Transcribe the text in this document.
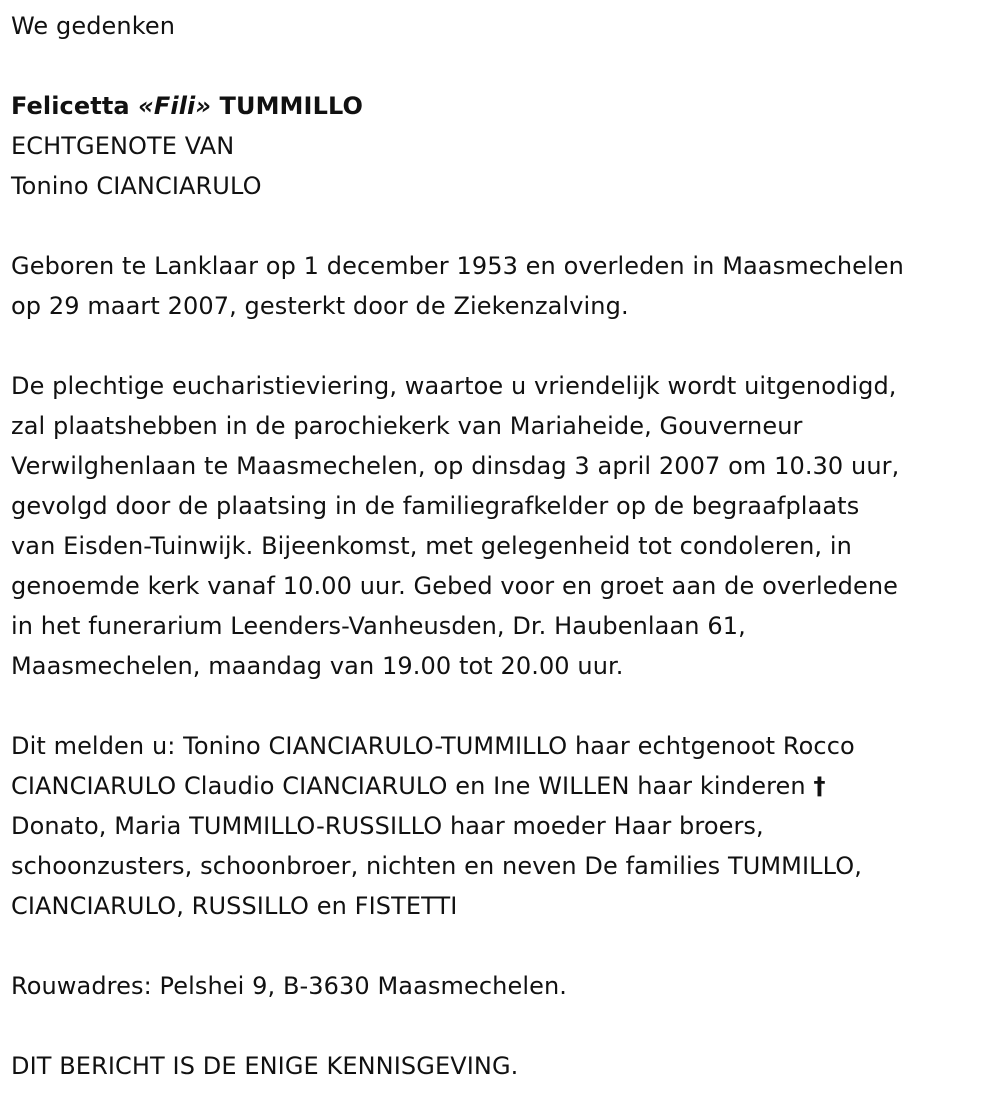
We gedenken
Felicetta «Fili» TUMMILLO
ECHTGENOTE VAN
Tonino CIANCIARULO
Geboren te Lanklaar op 1 december 1953 en overleden in Maasmechelen
op 29 maart 2007, gesterkt door de Ziekenzalving.
De plechtige eucharistieviering, waartoe u vriendelijk wordt uitgenodigd,
zal plaatshebben in de parochiekerk van Mariaheide, Gouverneur
Verwilghenlaan te Maasmechelen, op dinsdag 3 april 2007 om 10.30 uur,
gevolgd door de plaatsing in de familiegrafkelder op de begraafplaats
van Eisden-Tuinwijk. Bijeenkomst, met gelegenheid tot condoleren, in
genoemde kerk vanaf 10.00 uur. Gebed voor en groet aan de overledene
in het funerarium Leenders-Vanheusden, Dr. Haubenlaan 61,
Maasmechelen, maandag van 19.00 tot 20.00 uur.
Dit melden u: Tonino CIANCIARULO-TUMMILLO haar echtgenoot Rocco
CIANCIARULO Claudio CIANCIARULO en Ine WILLEN haar kinderen †
Donato, Maria TUMMILLO-RUSSILLO haar moeder Haar broers,
schoonzusters, schoonbroer, nichten en neven De families TUMMILLO,
CIANCIARULO, RUSSILLO en FISTETTI
Rouwadres: Pelshei 9, B-3630 Maasmechelen.
DIT BERICHT IS DE ENIGE KENNISGEVING.
